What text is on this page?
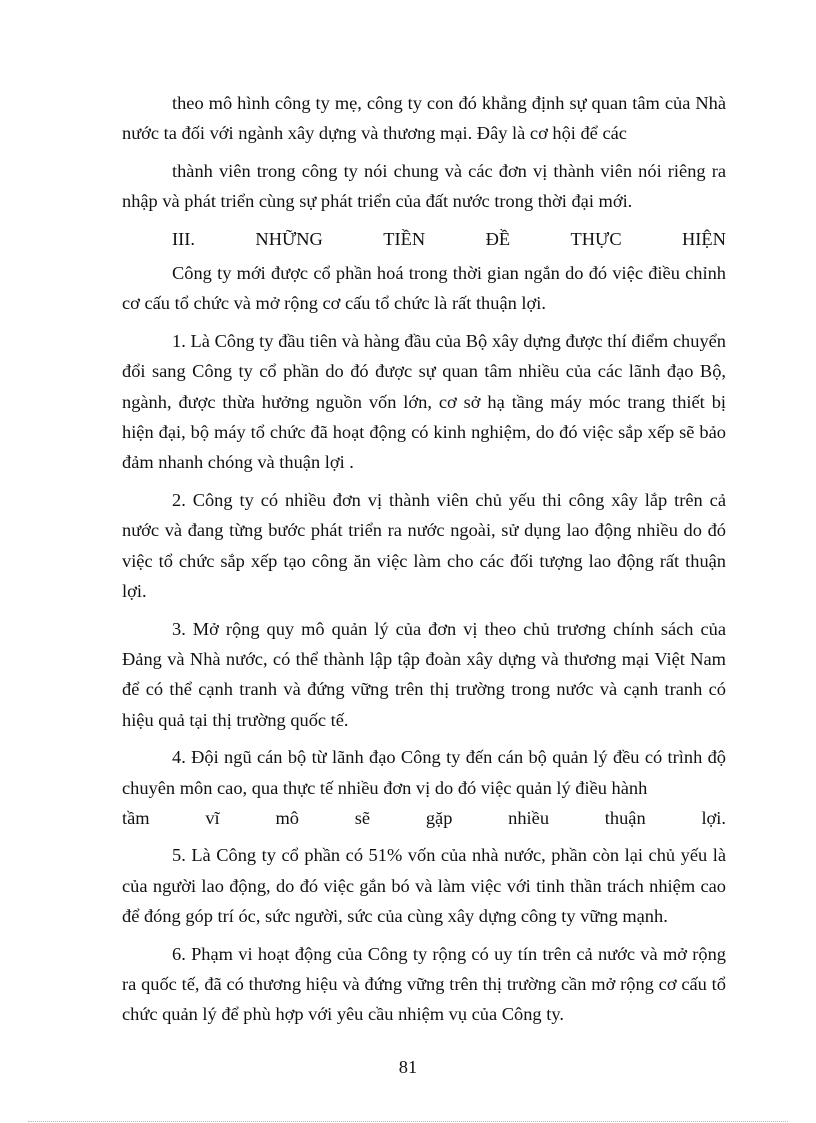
theo mô hình công ty mẹ, công ty con đó khẳng định sự quan tâm của Nhà nước ta đối với ngành xây dựng và thương mại. Đây là cơ hội để các

thành viên trong công ty nói chung và các đơn vị thành viên nói riêng ra nhập và phát triển cùng sự phát triển của đất nước trong thời đại mới.

III.	NHỮNG	TIỀN	ĐỀ	THỰC	HIỆN

Công ty mới được cổ phần hoá trong thời gian ngắn do đó việc điều chỉnh cơ cấu tổ chức và mở rộng cơ cấu tổ chức là rất thuận lợi.

1. Là Công ty đầu tiên và hàng đầu của Bộ xây dựng được thí điểm chuyển đổi sang Công ty cổ phần do đó được sự quan tâm nhiều của các lãnh đạo Bộ, ngành, được thừa hưởng nguồn vốn lớn, cơ sở hạ tầng máy móc trang thiết bị hiện đại, bộ máy tổ chức đã hoạt động có kinh nghiệm, do đó việc sắp xếp sẽ bảo đảm nhanh chóng và thuận lợi .

2. Công ty có nhiều đơn vị thành viên chủ yếu thi công xây lắp trên cả nước và đang từng bước phát triển ra nước ngoài, sử dụng lao động nhiều do đó việc tổ chức sắp xếp tạo công ăn việc làm cho các đối tượng lao động rất thuận lợi.

3. Mở rộng quy mô quản lý của đơn vị theo chủ trương chính sách của Đảng và Nhà nước, có thể thành lập tập đoàn xây dựng và thương mại Việt Nam để có thể cạnh tranh và đứng vững trên thị trường trong nước và cạnh tranh có hiệu quả tại thị trường quốc tế.

4. Đội ngũ cán bộ từ lãnh đạo Công ty đến cán bộ quản lý đều có trình độ chuyên môn cao, qua thực tế nhiều đơn vị do đó việc quản lý điều hành

tầm vĩ mô sẽ gặp nhiều thuận lợi.

5. Là Công ty cổ phần có 51% vốn của nhà nước, phần còn lại chủ yếu là của người lao động, do đó việc gắn bó và làm việc với tinh thần trách nhiệm cao để đóng góp trí óc, sức người, sức của cùng xây dựng công ty vững mạnh.

6. Phạm vi hoạt động của Công ty rộng có uy tín trên cả nước và mở rộng ra quốc tế, đã có thương hiệu và đứng vững trên thị trường cần mở rộng cơ cấu tổ chức quản lý để phù hợp với yêu cầu nhiệm vụ của Công ty.

81
